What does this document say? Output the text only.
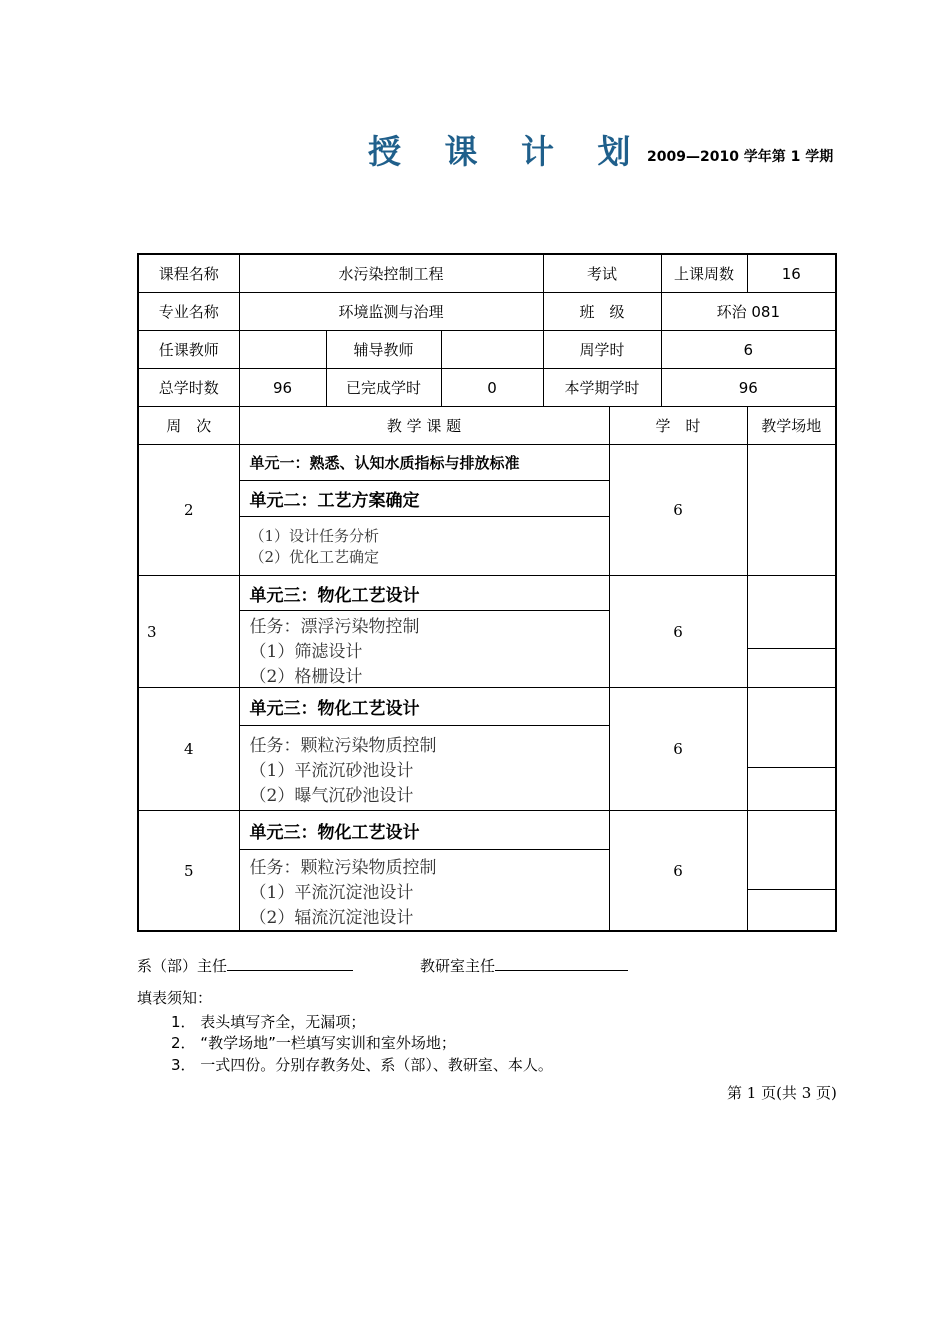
授 课 计 划 2009—2010 学年第 1 学期
课程名称	水污染控制工程			考试		上课周数	16
专业名称	环境监测与治理			班　级		环治 081	
任课教师		辅导教师		周学时		6	
总学时数	96	已完成学时	0	本学期学时		96	
周　次	教 学 课 题				学　时		教学场地
2	单元一：熟悉、认知水质指标与排放标准
单元二：工艺方案确定
（1）设计任务分析
（2）优化工艺确定				6		
3	单元三：物化工艺设计
任务：漂浮污染物控制
（1）筛滤设计
（2）格栅设计				6		

4	单元三：物化工艺设计
任务：颗粒污染物质控制
（1）平流沉砂池设计
（2）曝气沉砂池设计				6		

5	单元三：物化工艺设计
任务：颗粒污染物质控制
（1）平流沉淀池设计
（2）辐流沉淀池设计				6		
系（部）主任	教研室主任
填表须知：
1． 表头填写齐全，无漏项；
2． “教学场地”一栏填写实训和室外场地；
3． 一式四份。分别存教务处、系（部）、教研室、本人。
第 1 页(共 3 页)
